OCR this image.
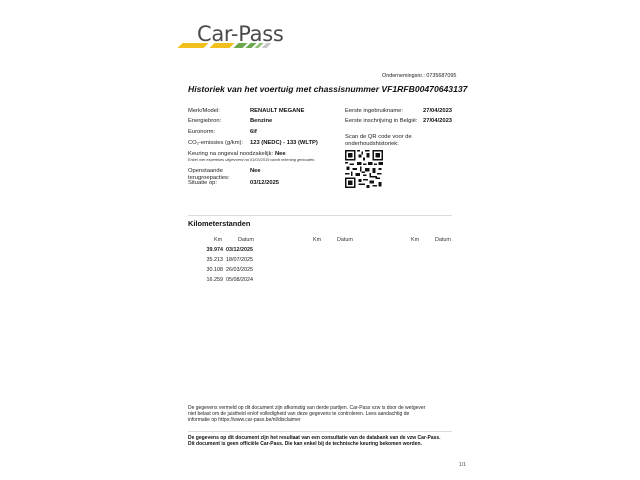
Car-Pass
Ondernemingsnr.: 0735687095
Historiek van het voertuig met chassisnummer VF1RFB00470643137
Merk/Model:	RENAULT MEGANE
Energiebron:	Benzine
Euronorm:	6if
CO₂-emissies (g/km): 123 (NEDC) - 133 (WLTP)
Keuring na ongeval noodzakelijk: Nee
Enkel met expertises uitgevoerd na 01/03/2019 wordt rekening gehouden.
Openstaande
terugroepacties:
Nee
Situatie op:	03/12/2025
Eerste ingebruikname:	27/04/2023
Eerste inschrijving in België: 27/04/2023
Scan de QR code voor de
onderhoudshistoriek:
Kilometerstanden
Km	Datum	Km	Datum	Km	Datum
39.974 03/12/2025
35.213 18/07/2025
30.108 26/03/2025
16.259 05/08/2024
De gegevens vermeld op dit document zijn afkomstig van derde partijen. Car-Pass vzw is door de wetgever
niet belast om de juistheid en/of volledigheid van deze gegevens te controleren. Lees aandachtig de
informatie op https://www.car-pass.be/nl/disclaimer
De gegevens op dit document zijn het resultaat van een consultatie van de databank van de vzw Car-Pass.
Dit document is geen officiële Car-Pass. Die kan enkel bij de technische keuring bekomen worden.
1/1
